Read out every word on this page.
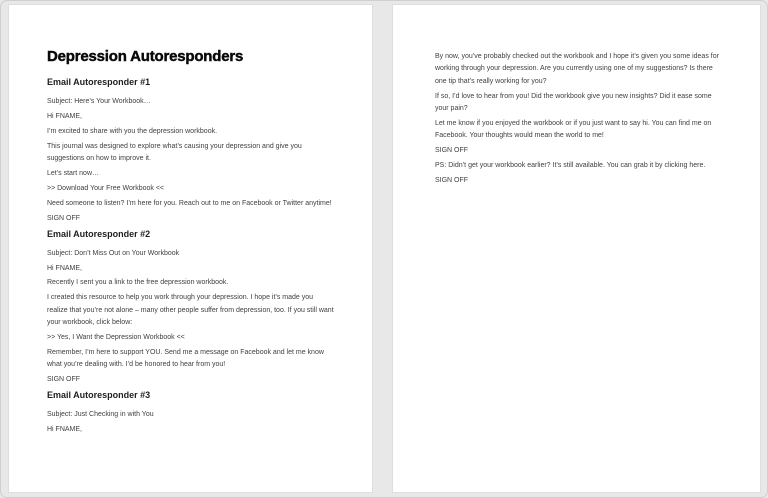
Depression Autoresponders
Email Autoresponder #1

Subject: Here’s Your Workbook…

Hi FNAME,

I’m excited to share with you the depression workbook.

This journal was designed to explore what’s causing your depression and give you suggestions on how to improve it.

Let’s start now…

>> Download Your Free Workbook <<

Need someone to listen? I’m here for you. Reach out to me on Facebook or Twitter anytime!

SIGN OFF

Email Autoresponder #2

Subject: Don’t Miss Out on Your Workbook

Hi FNAME,

Recently I sent you a link to the free depression workbook.

I created this resource to help you work through your depression. I hope it’s made you realize that you’re not alone – many other people suffer from depression, too. If you still want your workbook, click below:

>> Yes, I Want the Depression Workbook <<

Remember, I’m here to support YOU. Send me a message on Facebook and let me know what you’re dealing with. I’d be honored to hear from you!

SIGN OFF

Email Autoresponder #3

Subject: Just Checking in with You

Hi FNAME,

By now, you’ve probably checked out the workbook and I hope it’s given you some ideas for working through your depression. Are you currently using one of my suggestions? Is there one tip that’s really working for you?

If so, I’d love to hear from you! Did the workbook give you new insights? Did it ease some your pain?

Let me know if you enjoyed the workbook or if you just want to say hi. You can find me on Facebook. Your thoughts would mean the world to me!

SIGN OFF

PS: Didn’t get your workbook earlier? It’s still available. You can grab it by clicking here.

SIGN OFF
